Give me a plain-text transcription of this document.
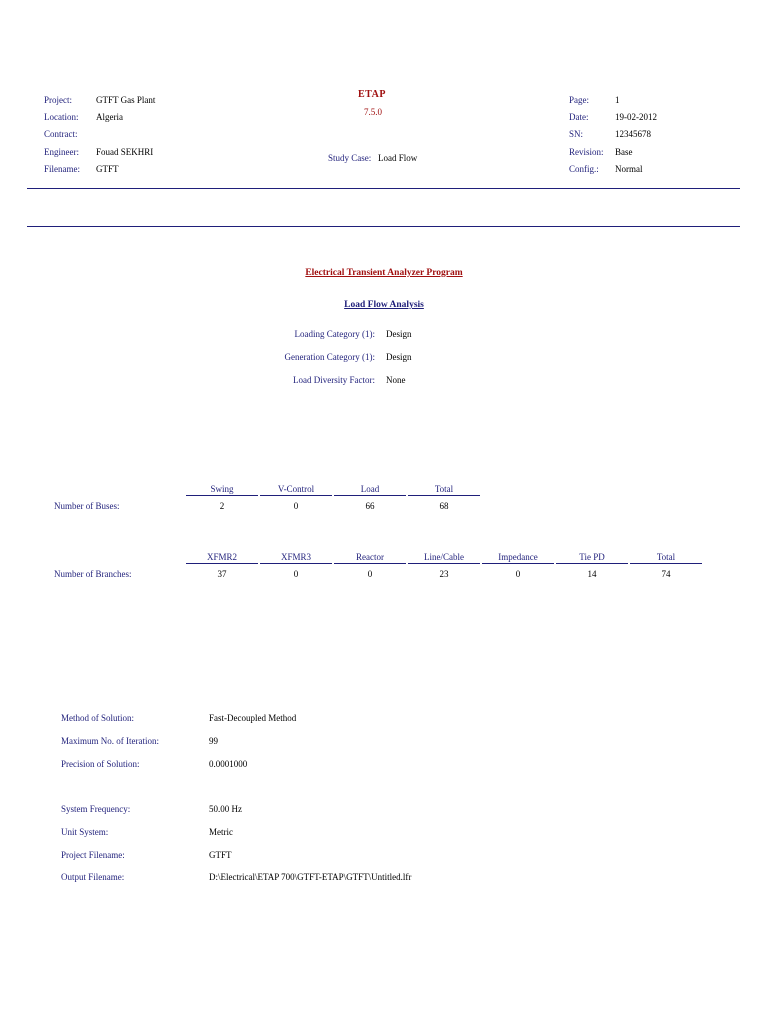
Project:	GTFT Gas Plant
Location: Algeria
Contract:
Engineer: Fouad SEKHRI
Filename: GTFT
ETAP
7.5.0
Study Case: Load Flow
Page:	1
Date:	19-02-2012
SN:	12345678
Revision: Base
Config.: Normal
Electrical Transient Analyzer Program
Load Flow Analysis
Loading Category (1): Design
Generation Category (1): Design
Load Diversity Factor: None
Swing	V-Control	Load	Total
Number of Buses:	2	0	66	68
XFMR2	XFMR3	Reactor	Line/Cable	Impedance	Tie PD	Total
Number of Branches:	37	0	0	23	0	14	74
Method of Solution:	Fast-Decoupled Method
Maximum No. of Iteration:	99
Precision of Solution:	0.0001000
System Frequency:	50.00 Hz
Unit System:	Metric
Project Filename:	GTFT
Output Filename:	D:\Electrical\ETAP 700\GTFT-ETAP\GTFT\Untitled.lfr
